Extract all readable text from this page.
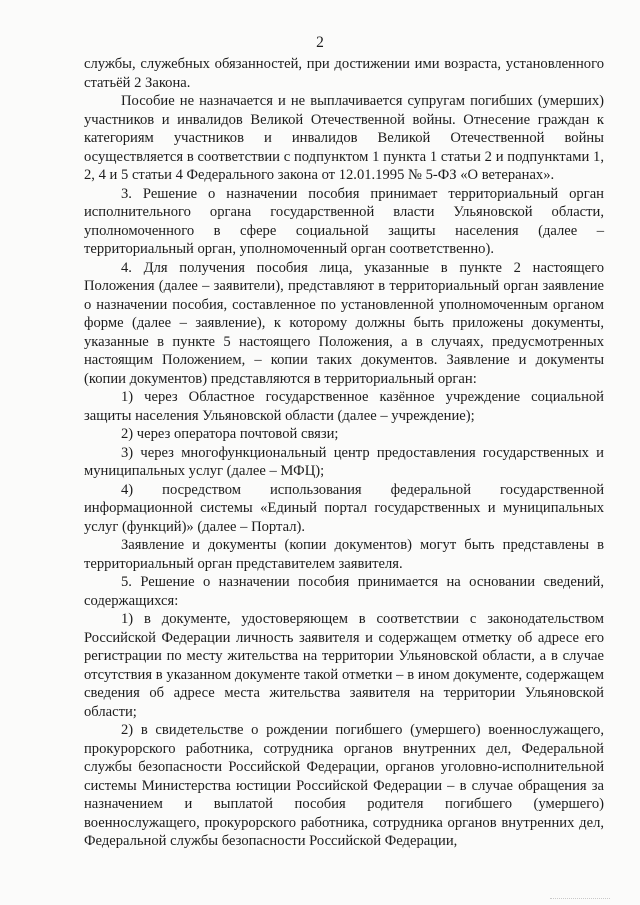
2

службы, служебных обязанностей, при достижении ими возраста, установленного статьёй 2 Закона.

Пособие не назначается и не выплачивается супругам погибших (умерших) участников и инвалидов Великой Отечественной войны. Отнесение граждан к категориям участников и инвалидов Великой Отечественной войны осуществляется в соответствии с подпунктом 1 пункта 1 статьи 2 и подпунктами 1, 2, 4 и 5 статьи 4 Федерального закона от 12.01.1995 № 5-ФЗ «О ветеранах».

3. Решение о назначении пособия принимает территориальный орган исполнительного органа государственной власти Ульяновской области, уполномоченного в сфере социальной защиты населения (далее – территориальный орган, уполномоченный орган соответственно).

4. Для получения пособия лица, указанные в пункте 2 настоящего Положения (далее – заявители), представляют в территориальный орган заявление о назначении пособия, составленное по установленной уполномоченным органом форме (далее – заявление), к которому должны быть приложены документы, указанные в пункте 5 настоящего Положения, а в случаях, предусмотренных настоящим Положением, – копии таких документов. Заявление и документы (копии документов) представляются в территориальный орган:

1) через Областное государственное казённое учреждение социальной защиты населения Ульяновской области (далее – учреждение);

2) через оператора почтовой связи;

3) через многофункциональный центр предоставления государственных и муниципальных услуг (далее – МФЦ);

4) посредством использования федеральной государственной информационной системы «Единый портал государственных и муниципальных услуг (функций)» (далее – Портал).

Заявление и документы (копии документов) могут быть представлены в территориальный орган представителем заявителя.

5. Решение о назначении пособия принимается на основании сведений, содержащихся:

1) в документе, удостоверяющем в соответствии с законодательством Российской Федерации личность заявителя и содержащем отметку об адресе его регистрации по месту жительства на территории Ульяновской области, а в случае отсутствия в указанном документе такой отметки – в ином документе, содержащем сведения об адресе места жительства заявителя на территории Ульяновской области;

2) в свидетельстве о рождении погибшего (умершего) военнослужащего, прокурорского работника, сотрудника органов внутренних дел, Федеральной службы безопасности Российской Федерации, органов уголовно-исполнительной системы Министерства юстиции Российской Федерации – в случае обращения за назначением и выплатой пособия родителя погибшего (умершего) военнослужащего, прокурорского работника, сотрудника органов внутренних дел, Федеральной службы безопасности Российской Федерации,
